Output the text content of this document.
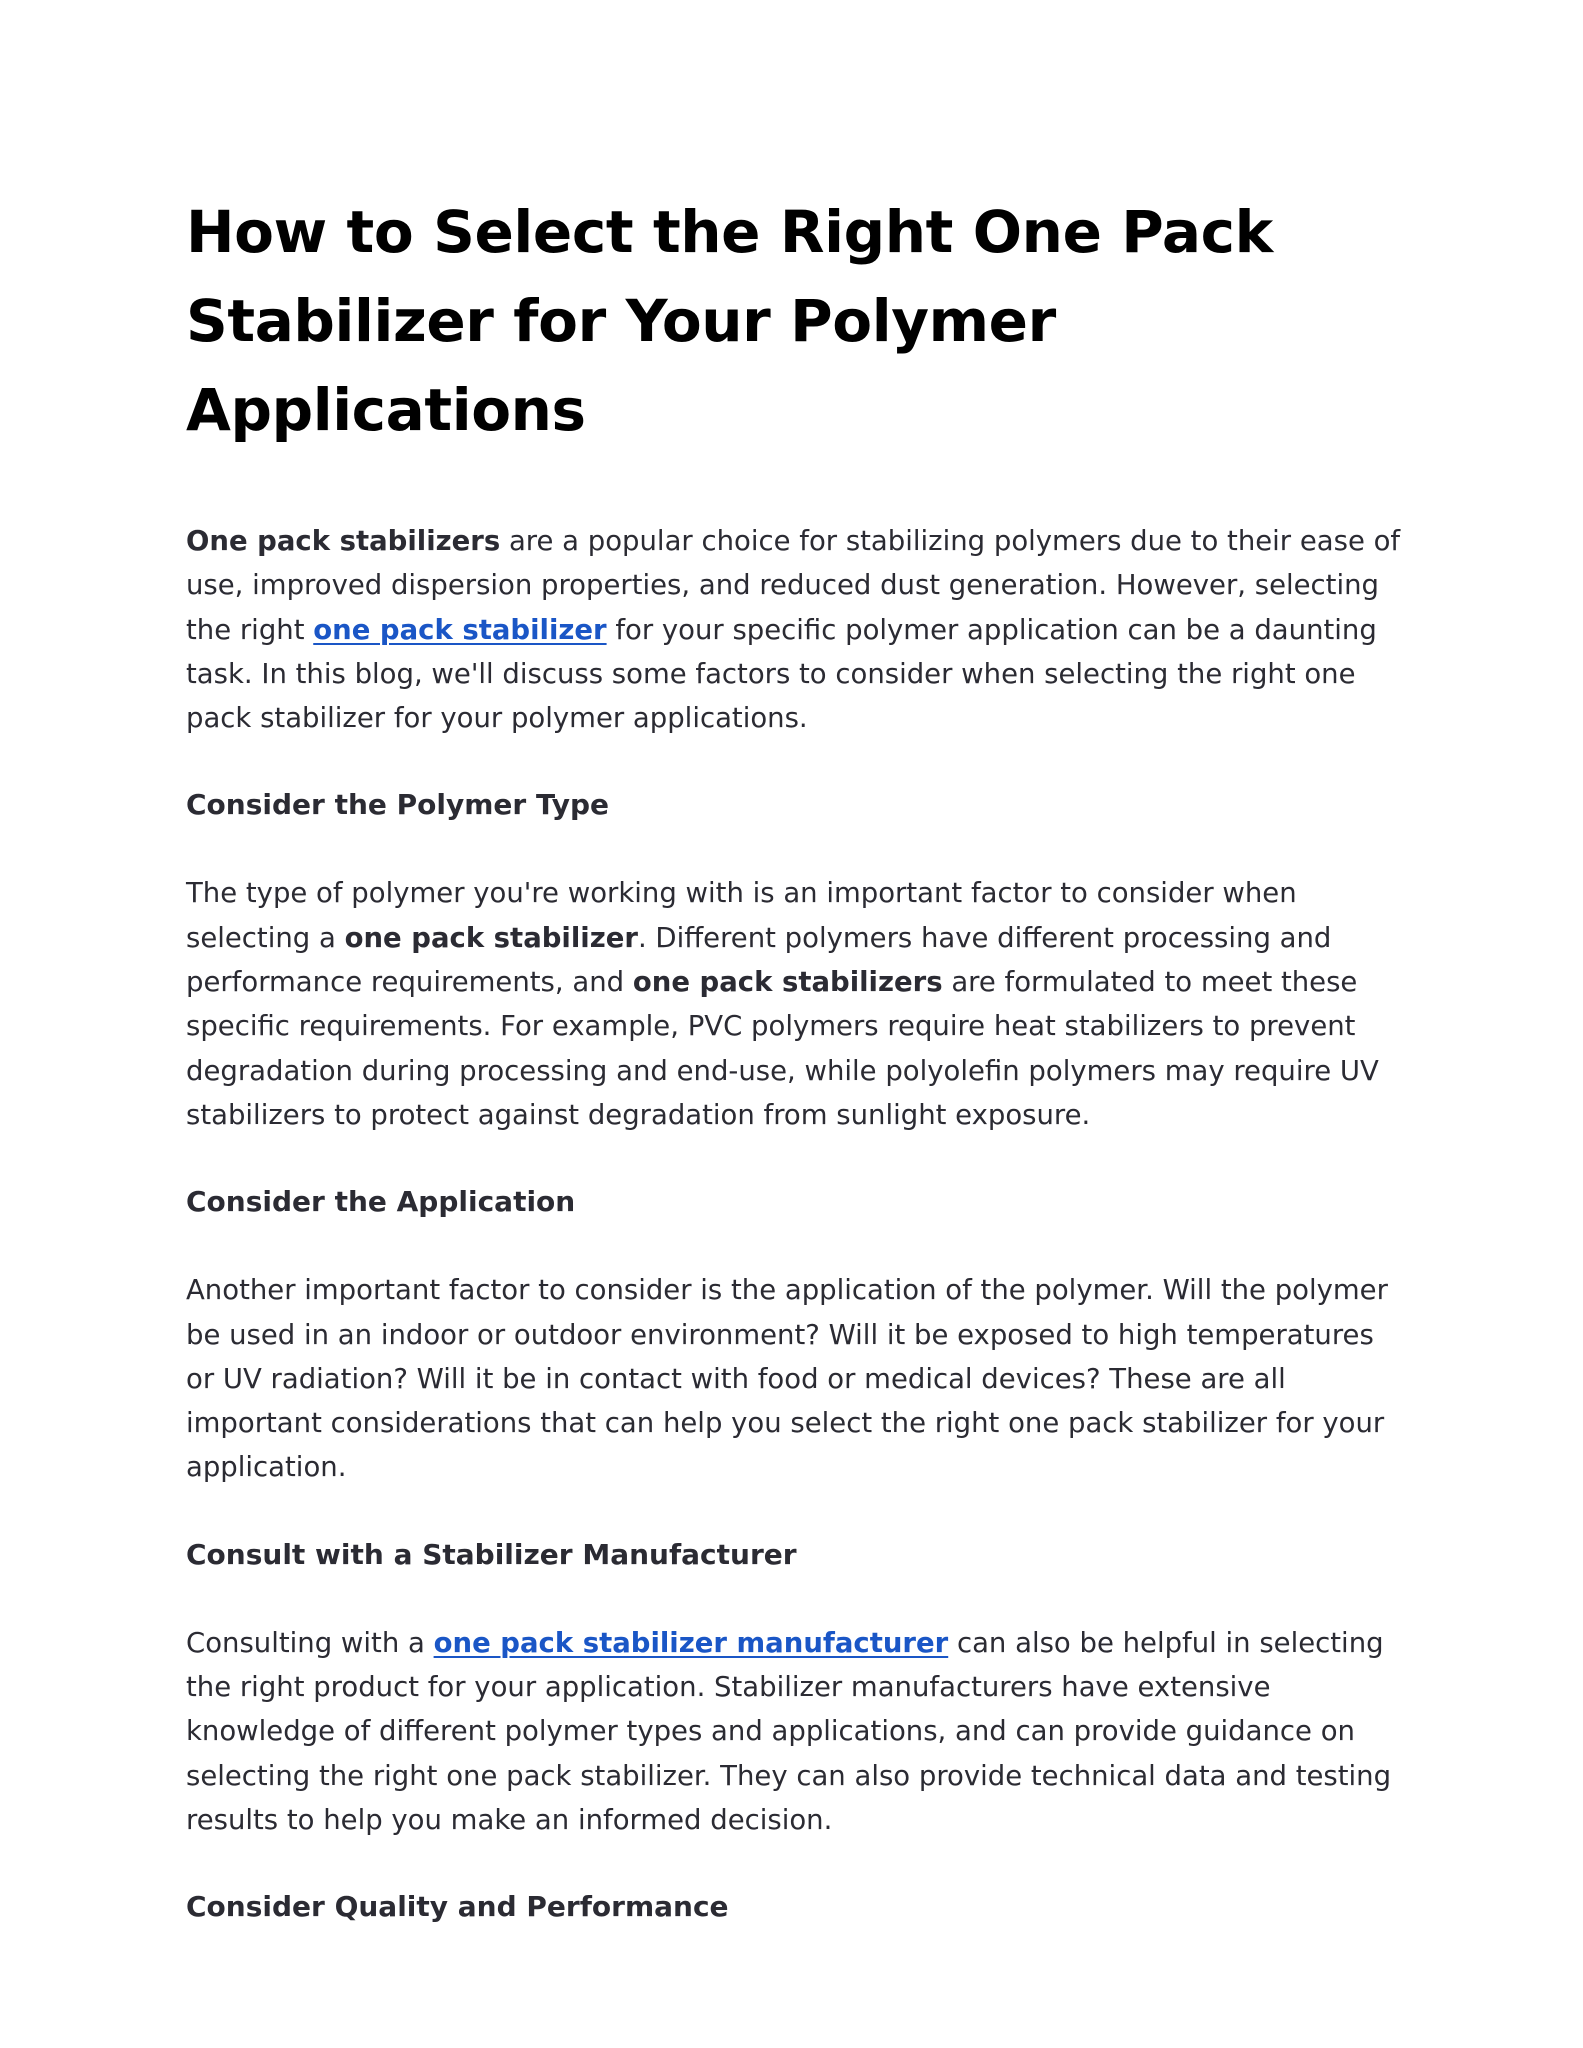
How to Select the Right One Pack Stabilizer for Your Polymer Applications

One pack stabilizers are a popular choice for stabilizing polymers due to their ease of use, improved dispersion properties, and reduced dust generation. However, selecting the right one pack stabilizer for your specific polymer application can be a daunting task. In this blog, we'll discuss some factors to consider when selecting the right one pack stabilizer for your polymer applications.

Consider the Polymer Type

The type of polymer you're working with is an important factor to consider when selecting a one pack stabilizer. Different polymers have different processing and performance requirements, and one pack stabilizers are formulated to meet these specific requirements. For example, PVC polymers require heat stabilizers to prevent degradation during processing and end-use, while polyolefin polymers may require UV stabilizers to protect against degradation from sunlight exposure.

Consider the Application

Another important factor to consider is the application of the polymer. Will the polymer be used in an indoor or outdoor environment? Will it be exposed to high temperatures or UV radiation? Will it be in contact with food or medical devices? These are all important considerations that can help you select the right one pack stabilizer for your application.

Consult with a Stabilizer Manufacturer

Consulting with a one pack stabilizer manufacturer can also be helpful in selecting the right product for your application. Stabilizer manufacturers have extensive knowledge of different polymer types and applications, and can provide guidance on selecting the right one pack stabilizer. They can also provide technical data and testing results to help you make an informed decision.

Consider Quality and Performance
